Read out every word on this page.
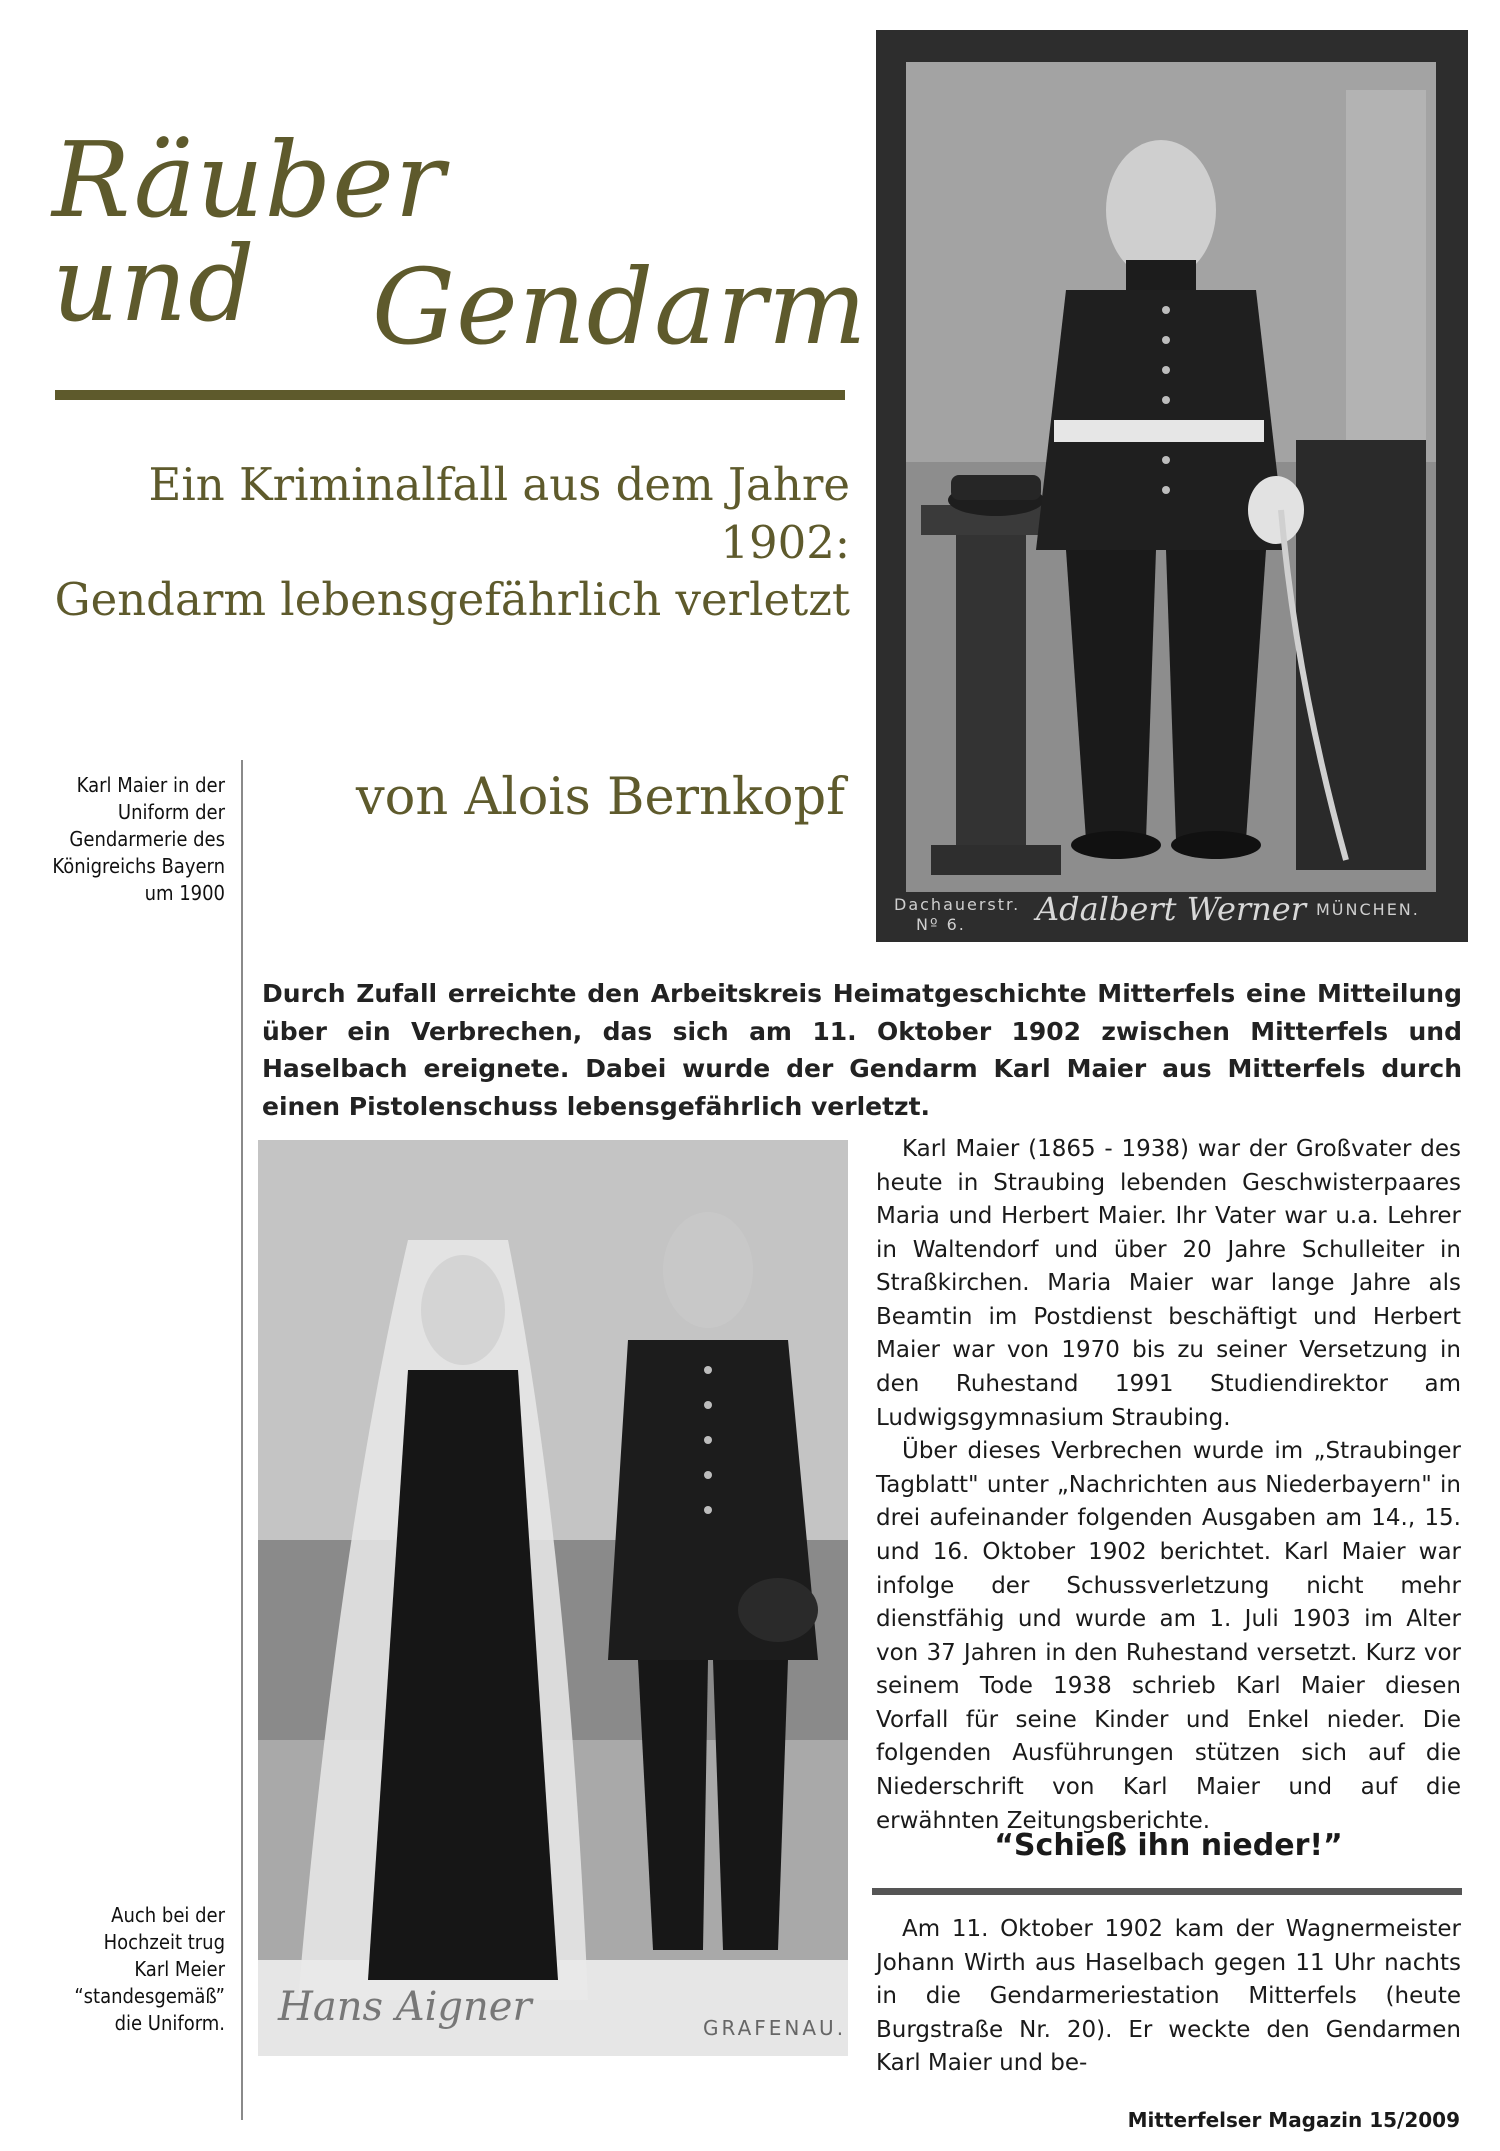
Räuber und	Gendarm
Ein Kriminalfall aus dem Jahre 1902:
Gendarm lebensgefährlich verletzt
von Alois Bernkopf
Dachauerstr.
Nº 6. Adalbert Werner MÜNCHEN.
Karl Maier in der Uniform der Gendarmerie des Königreichs Bayern um 1900
Durch Zufall erreichte den Arbeitskreis Heimatgeschichte Mitterfels eine Mitteilung über ein Verbrechen, das sich am 11. Oktober 1902 zwischen Mitterfels und Haselbach ereignete. Dabei wurde der Gendarm Karl Maier aus Mitterfels durch einen Pistolenschuss lebensgefährlich verletzt.
Hans Aigner	GRAFENAU.
Auch bei der Hochzeit trug Karl Meier “standesgemäß” die Uniform.

Karl Maier (1865 - 1938) war der Großvater des heute in Straubing lebenden Geschwisterpaares Maria und Herbert Maier. Ihr Vater war u.a. Lehrer in Waltendorf und über 20 Jahre Schulleiter in Straßkirchen. Maria Maier war lange Jahre als Beamtin im Postdienst beschäftigt und Herbert Maier war von 1970 bis zu seiner Versetzung in den Ruhestand 1991 Studiendirektor am Ludwigsgymnasium Straubing.

Über dieses Verbrechen wurde im „Straubinger Tagblatt" unter „Nachrichten aus Niederbayern" in drei aufeinander folgenden Ausgaben am 14., 15. und 16. Oktober 1902 berichtet. Karl Maier war infolge der Schussverletzung nicht mehr dienstfähig und wurde am 1. Juli 1903 im Alter von 37 Jahren in den Ruhestand versetzt. Kurz vor seinem Tode 1938 schrieb Karl Maier diesen Vorfall für seine Kinder und Enkel nieder. Die folgenden Ausführungen stützen sich auf die Niederschrift von Karl Maier und auf die erwähnten Zeitungsberichte.

“Schieß ihn nieder!”

Am 11. Oktober 1902 kam der Wagnermeister Johann Wirth aus Haselbach gegen 11 Uhr nachts in die Gendarmeriestation Mitterfels (heute Burgstraße Nr. 20). Er weckte den Gendarmen Karl Maier und be-

Mitterfelser Magazin 15/2009
